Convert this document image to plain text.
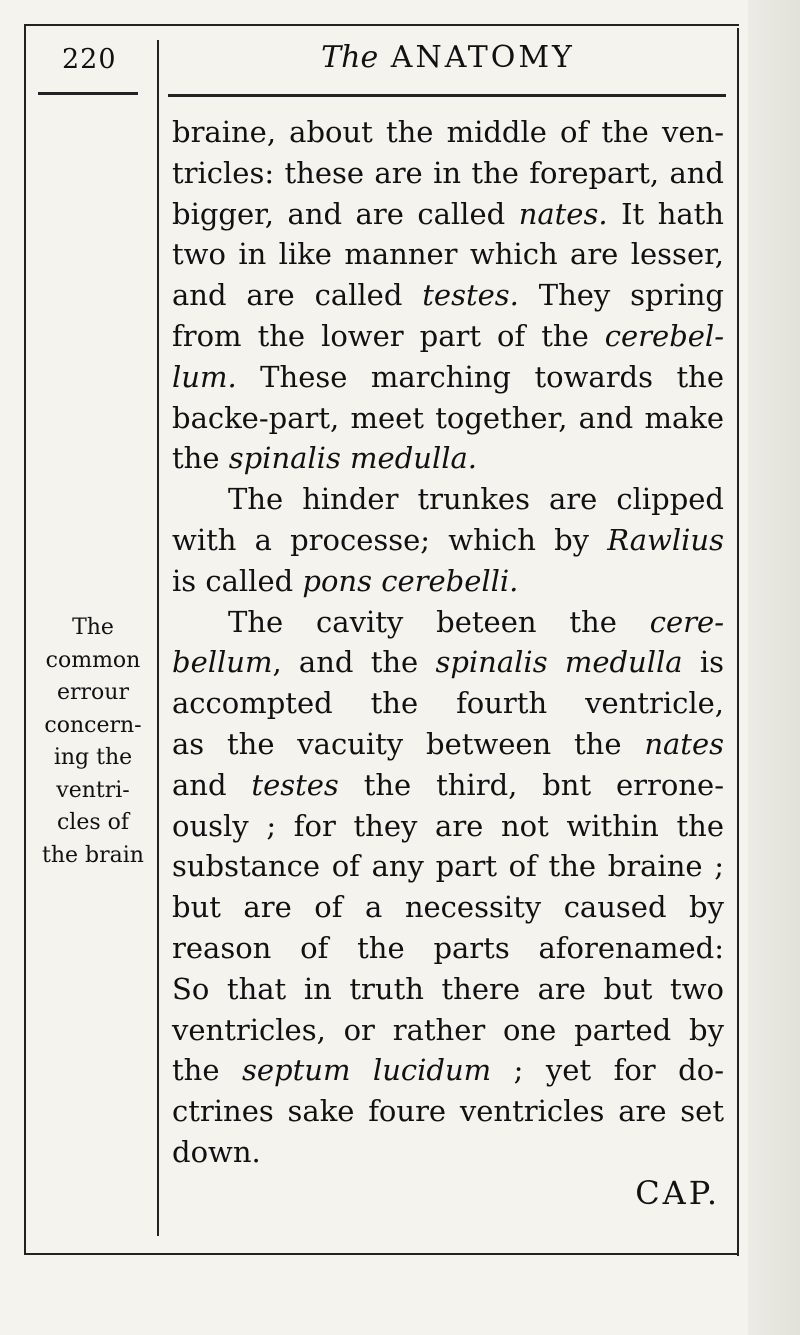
220	The ANATOMY
The
common
errour
concern-
ing the
ventri-
cles of
the brain
braine, about the middle of the ven-
tricles: these are in the forepart, and
bigger, and are called nates. It hath
two in like manner which are lesser,
and are called testes. They spring
from the lower part of the cerebel-
lum. These marching towards the
backe-part, meet together, and make
the spinalis medulla.
The hinder trunkes are clipped
with a processe; which by Rawlius
is called pons cerebelli.
The cavity beteen the cere-
bellum, and the spinalis medulla is
accompted the fourth ventricle,
as the vacuity between the nates
and testes the third, bnt errone-
ously ; for they are not within the
substance of any part of the braine ;
but are of a necessity caused by
reason of the parts aforenamed:
So that in truth there are but two
ventricles, or rather one parted by
the septum lucidum ; yet for do-
ctrines sake foure ventricles are set
down.
CAP.
